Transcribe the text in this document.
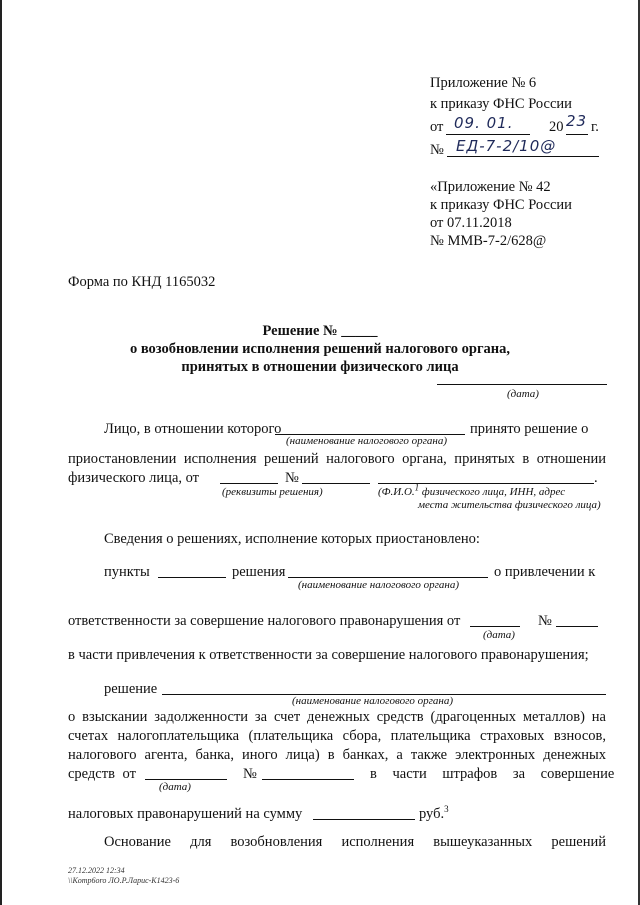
Приложение № 6
к приказу ФНС России
от 09. 01. 20 23 г.
№ ЕД-7-2/10@
«Приложение № 42
к приказу ФНС России
от 07.11.2018
№ ММВ-7-2/628@
Форма по КНД 1165032
Решение № _____
о возобновлении исполнения решений налогового органа,
принятых в отношении физического лица
(дата)
Лицо, в отношении которого	принято решение о
(наименование налогового органа)
приостановлении исполнения решений налогового органа, принятых в отношении
физического лица, от	№	.
(реквизиты решения)	(Ф.И.О.$^1$ физического лица, ИНН, адрес
места жительства физического лица)
Сведения о решениях, исполнение которых приостановлено:
пункты	решения	о привлечении к
(наименование налогового органа)
ответственности за совершение налогового правонарушения от	№
(дата)
в части привлечения к ответственности за совершение налогового правонарушения;
решение
(наименование налогового органа)
о взыскании задолженности за счет денежных средств (драгоценных металлов) на
счетах налогоплательщика (плательщика сбора, плательщика страховых взносов,
налогового агента, банка, иного лица) в банках, а также электронных денежных
средств от	№	в части штрафов за совершение
(дата)
налоговых правонарушений на сумму	руб.$^3$
Основание для возобновления исполнения вышеуказанных решений
27.12.2022 12:34
\\Komp6oro ЛО.Р.Ларис-К1423-6
